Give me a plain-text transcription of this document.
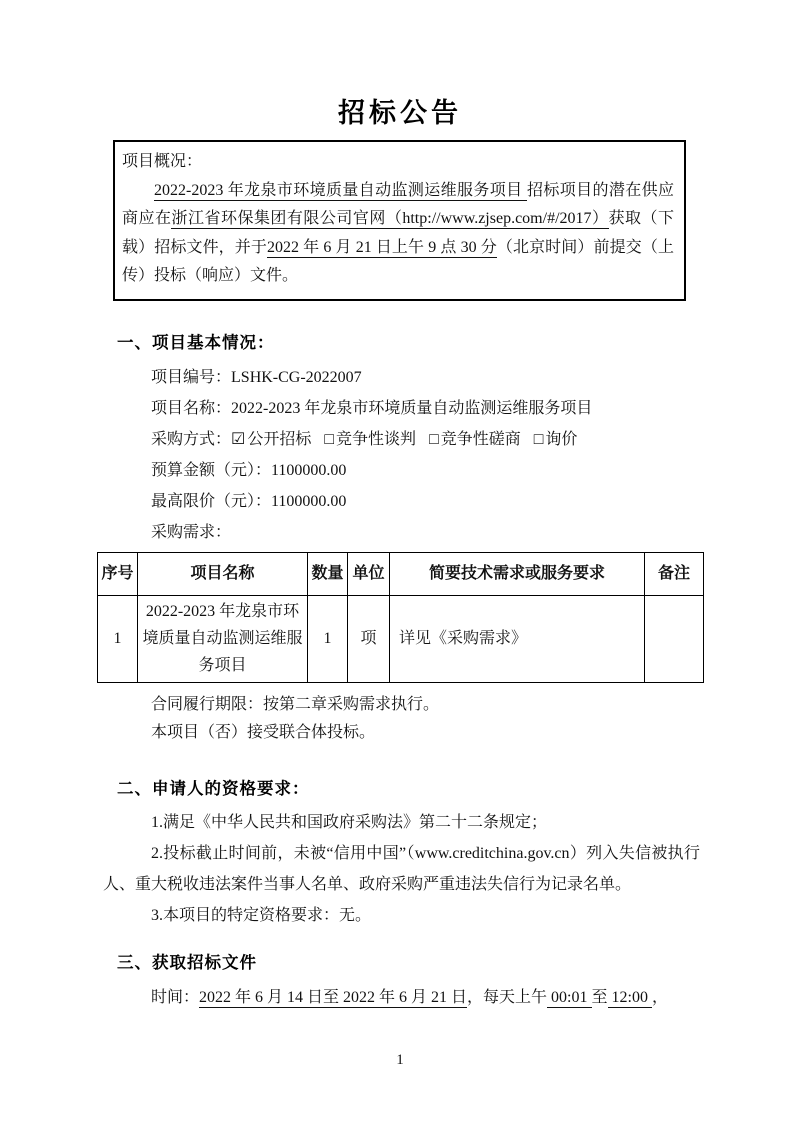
招标公告
项目概况：

2022-2023 年龙泉市环境质量自动监测运维服务项目 招标项目的潜在供应商应在浙江省环保集团有限公司官网（http://www.zjsep.com/#/2017）获取（下载）招标文件，并于2022 年 6 月 21 日上午 9 点 30 分（北京时间）前提交（上传）投标（响应）文件。

一、项目基本情况：

项目编号：LSHK-CG-2022007

项目名称：2022-2023 年龙泉市环境质量自动监测运维服务项目

采购方式：☑ 公开招标 □ 竞争性谈判 □ 竞争性磋商 □ 询价

预算金额（元）：1100000.00

最高限价（元）：1100000.00

采购需求：

序号	项目名称	数量	单位	简要技术需求或服务要求	备注
1	2022-2023 年龙泉市环境质量自动监测运维服务项目	1	项	详见《采购需求》	

合同履行期限：按第二章采购需求执行。

本项目（否）接受联合体投标。

二、申请人的资格要求：

1.满足《中华人民共和国政府采购法》第二十二条规定；

2.投标截止时间前，未被“信用中国”（www.creditchina.gov.cn）列入失信被执行人、重大税收违法案件当事人名单、政府采购严重违法失信行为记录名单。

3.本项目的特定资格要求：无。

三、获取招标文件

时间：2022 年 6 月 14 日至 2022 年 6 月 21 日，每天上午 00:01 至 12:00 ，

1
